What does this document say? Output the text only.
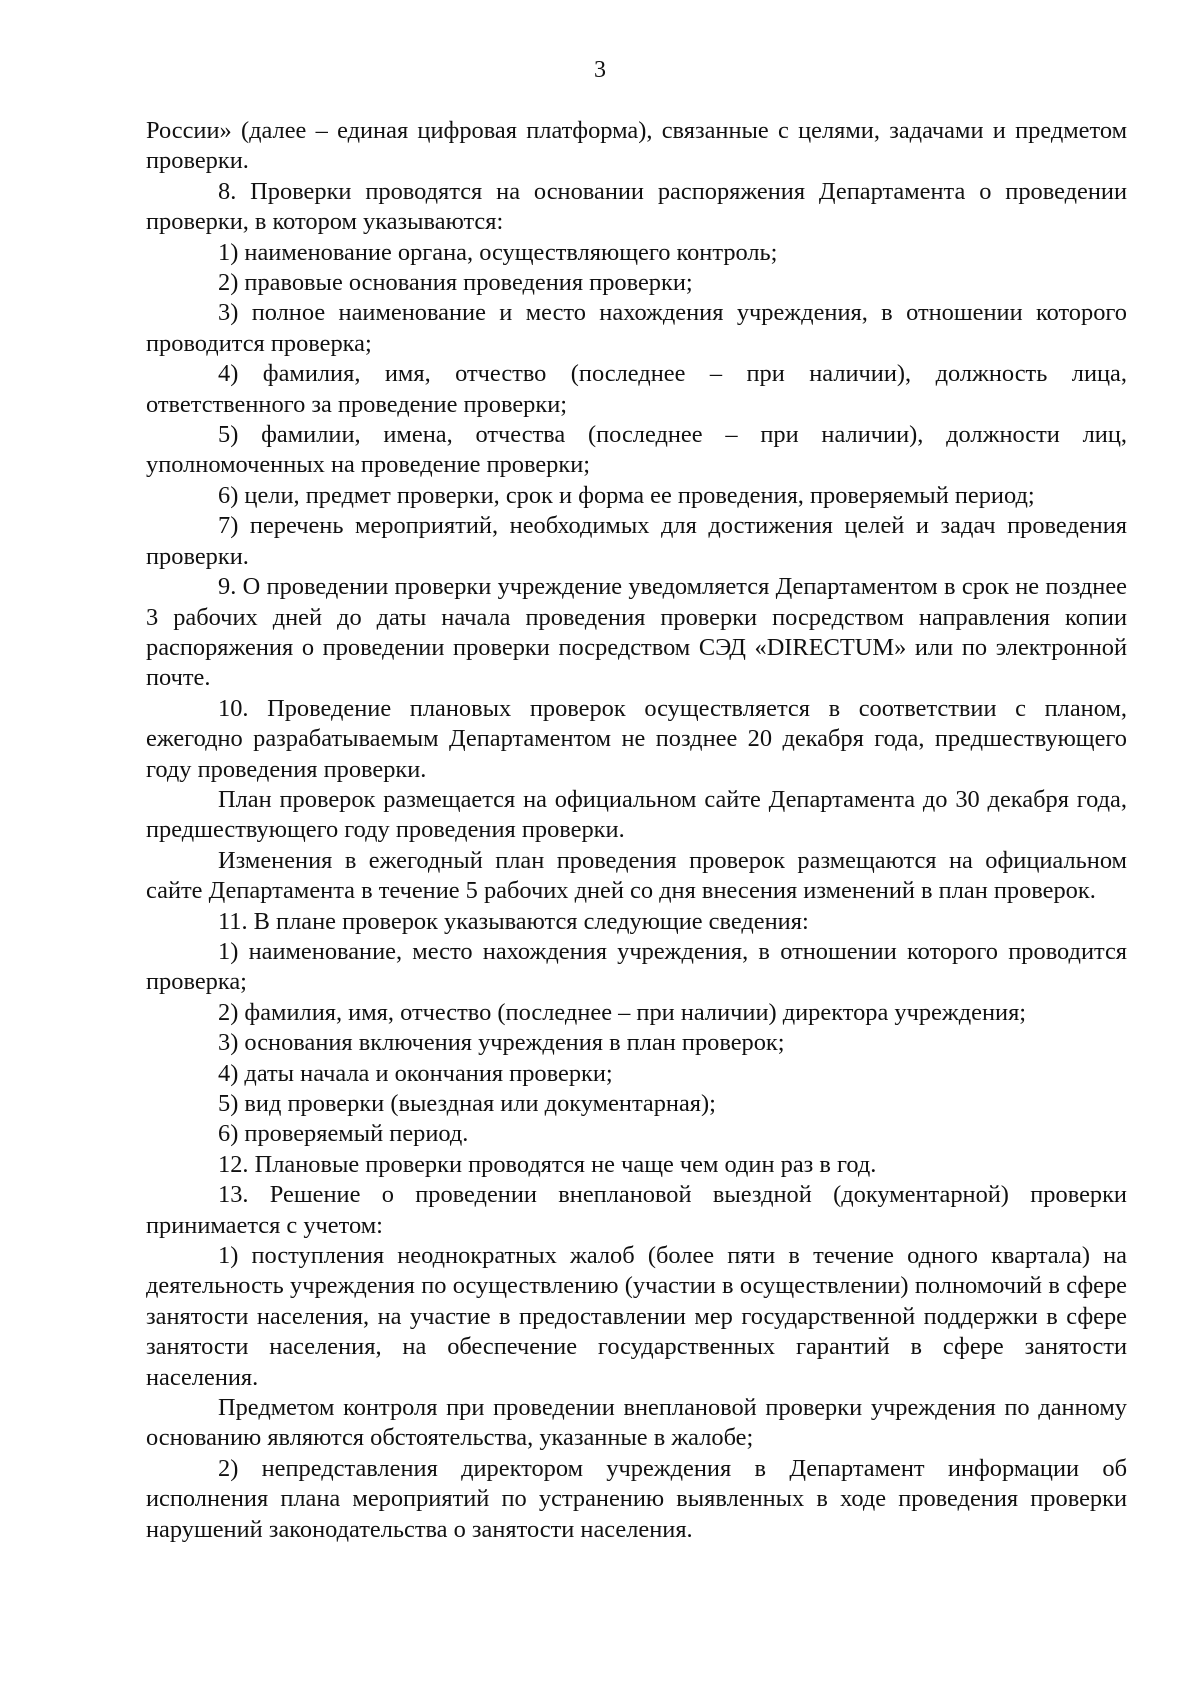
3

России» (далее – единая цифровая платформа), связанные с целями, задачами и предметом проверки.

8. Проверки проводятся на основании распоряжения Департамента о проведении проверки, в котором указываются:

1) наименование органа, осуществляющего контроль;

2) правовые основания проведения проверки;

3) полное наименование и место нахождения учреждения, в отношении которого проводится проверка;

4) фамилия, имя, отчество (последнее – при наличии), должность лица, ответственного за проведение проверки;

5) фамилии, имена, отчества (последнее – при наличии), должности лиц, уполномоченных на проведение проверки;

6) цели, предмет проверки, срок и форма ее проведения, проверяемый период;

7) перечень мероприятий, необходимых для достижения целей и задач проведения проверки.

9. О проведении проверки учреждение уведомляется Департаментом в срок не позднее 3 рабочих дней до даты начала проведения проверки посредством направления копии распоряжения о проведении проверки посредством СЭД «DIRECTUM» или по электронной почте.

10. Проведение плановых проверок осуществляется в соответствии с планом, ежегодно разрабатываемым Департаментом не позднее 20 декабря года, предшествующего году проведения проверки.

План проверок размещается на официальном сайте Департамента до 30 декабря года, предшествующего году проведения проверки.

Изменения в ежегодный план проведения проверок размещаются на официальном сайте Департамента в течение 5 рабочих дней со дня внесения изменений в план проверок.

11. В плане проверок указываются следующие сведения:

1) наименование, место нахождения учреждения, в отношении которого проводится проверка;

2) фамилия, имя, отчество (последнее – при наличии) директора учреждения;

3) основания включения учреждения в план проверок;

4) даты начала и окончания проверки;

5) вид проверки (выездная или документарная);

6) проверяемый период.

12. Плановые проверки проводятся не чаще чем один раз в год.

13. Решение о проведении внеплановой выездной (документарной) проверки принимается с учетом:

1) поступления неоднократных жалоб (более пяти в течение одного квартала) на деятельность учреждения по осуществлению (участии в осуществлении) полномочий в сфере занятости населения, на участие в предоставлении мер государственной поддержки в сфере занятости населения, на обеспечение государственных гарантий в сфере занятости населения.

Предметом контроля при проведении внеплановой проверки учреждения по данному основанию являются обстоятельства, указанные в жалобе;

2) непредставления директором учреждения в Департамент информации об исполнения плана мероприятий по устранению выявленных в ходе проведения проверки нарушений законодательства о занятости населения.
